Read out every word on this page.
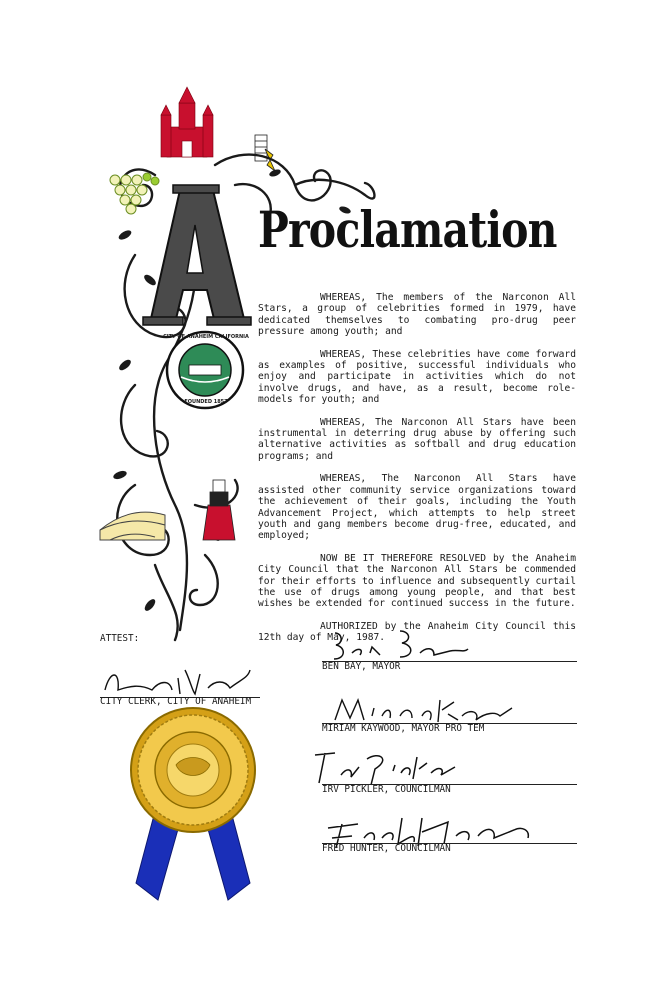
CITY OF ANAHEIM CALIFORNIA
FOUNDED 1857
Proclamation

WHEREAS, The members of the Narconon All Stars, a group of celebrities formed in 1979, have dedicated themselves to combating pro-drug peer pressure among youth; and

WHEREAS, These celebrities have come forward as examples of positive, successful individuals who enjoy and participate in activities which do not involve drugs, and have, as a result, become role-models for youth; and

WHEREAS, The Narconon All Stars have been instrumental in deterring drug abuse by offering such alternative activities as softball and drug education programs; and

WHEREAS, The Narconon All Stars have assisted other community service organizations toward the achievement of their goals, including the Youth Advancement Project, which attempts to help street youth and gang members become drug-free, educated, and employed;

NOW BE IT THEREFORE RESOLVED by the Anaheim City Council that the Narconon All Stars be commended for their efforts to influence and subsequently curtail the use of drugs among young people, and that best wishes be extended for continued success in the future.

AUTHORIZED by the Anaheim City Council this 12th day of May, 1987.

ATTEST:
CITY CLERK, CITY OF ANAHEIM
BEN BAY, MAYOR
MIRIAM KAYWOOD, MAYOR PRO TEM
IRV PICKLER, COUNCILMAN
FRED HUNTER, COUNCILMAN
